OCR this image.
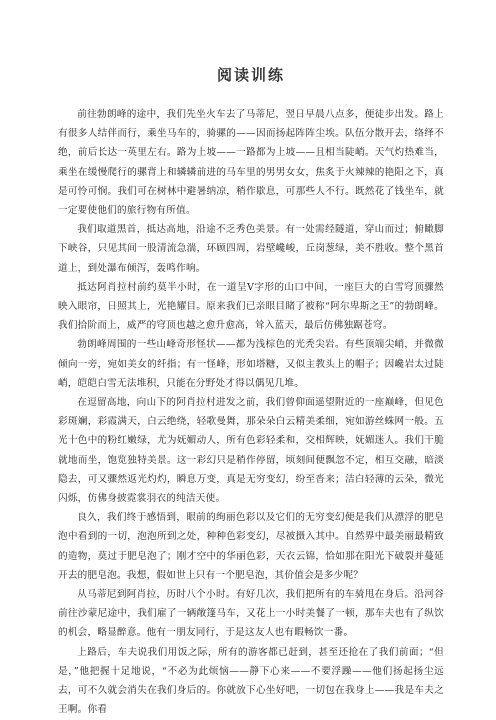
阅读训练

前往勃朗峰的途中，我们先坐火车去了马蒂尼，翌日早晨八点多，便徒步出发。路上有很多人结伴而行，乘坐马车的，骑骡的——因而扬起阵阵尘埃。队伍分散开去，络绎不绝，前后长达一英里左右。路为上坡——一路都为上坡——且相当陡峭。天气灼热难当，乘坐在缓慢爬行的骡背上和辚辚前进的马车里的男男女女，焦炙于火辣辣的艳阳之下，真是可怜可悯。我们可在树林中避暑纳凉，稍作歇息，可那些人不行。既然花了钱坐车，就一定要使他们的旅行物有所值。

我们取道黑首，抵达高地，沿途不乏秀色美景。有一处需经隧道，穿山而过；俯瞰脚下峡谷，只见其间一股清流急湍，环顾四周，岩壁巉峻，丘岗葱绿，美不胜收。整个黑首道上，到处瀑布倾泻，轰鸣作响。

抵达阿肖拉村前约莫半小时，在一道呈V字形的山口中间，一座巨大的白雪穹顶骤然映入眼帘，日照其上，光艳耀目。原来我们已亲眼目睹了被称“阿尔卑斯之王”的勃朗峰。我们拾阶而上，威严的穹顶也越之愈升愈高，耸入蓝天，最后仿佛独踞苍穹。

勃朗峰周围的一些山峰奇形怪状——都为浅棕色的光秃尖岩。有些顶端尖峭，并微微倾向一旁，宛如美女的纤指；有一怪峰，形如塔糖，又似主教头上的帽子；因巉岩太过陡峭，皑皑白雪无法堆积，只能在分野处才得以偶见几堆。

在逗留高地，向山下的阿肖拉村进发之前，我们曾仰面遥望附近的一座巅峰，但见色彩斑斓，彩霞满天，白云绝绕，轻歌曼舞，那朵朵白云精美柔细，宛如游丝蛛网一般。五光十色中的粉红嫩绿，尤为妩媚动人，所有色彩轻柔和，交相辉映，妩媚迷人。我们干脆就地而坐，饱览独特美景。这一彩幻只是稍作停留，顷刻间便飘忽不定，相互交融，暗淡隐去，可又骤然返光灼灼，瞬息万变，真是无穷变幻，纷至沓来；洁白轻薄的云朵，微光闪烁，仿佛身披霓裳羽衣的纯洁天使。

良久，我们终于感悟到，眼前的绚丽色彩以及它们的无穷变幻便是我们从漂浮的肥皂泡中看到的一切，泡泡所到之处，种种色彩变幻，尽被摄入其中。自然界中最美丽最精致的造物，莫过于肥皂泡了；刚才空中的华丽色彩，天衣云锦，恰如那在阳光下破裂并蔓延开去的肥皂泡。我想，假如世上只有一个肥皂泡，其价值会是多少呢？

从马蒂尼到阿肖拉，历时八个小时。有好几次，我们把所有的车骑甩在身后。沿河谷前往沙蒙尼途中，我们雇了一辆敞篷马车，又花上一小时美餐了一顿，那车夫也有了纵饮的机会，略显醉意。他有一朋友同行，于是这友人也有暇畅饮一番。

上路后，车夫说我们用饭之际，所有的游客都已赶到，甚至还抢在了我们前面；“但是，”他把握十足地说，“不必为此烦恼——静下心来——不要浮躁——他们扬起扬尘远去，可不久就会消失在我们身后的。你就放下心坐好吧，一切包在我身上——我是车夫之王啊。你看
